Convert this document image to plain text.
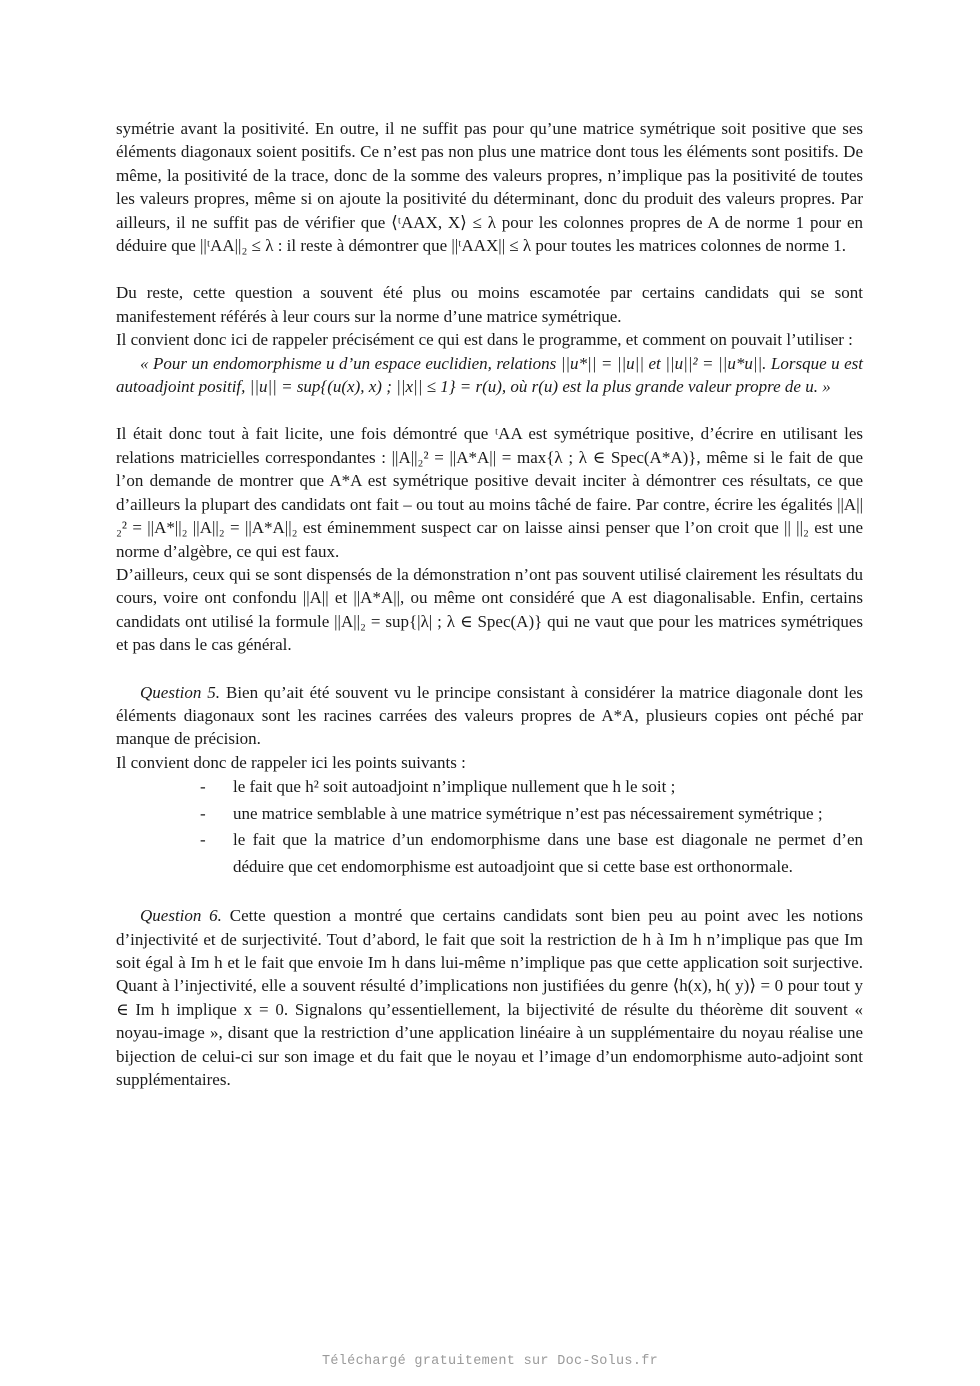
symétrie avant la positivité. En outre, il ne suffit pas pour qu’une matrice symétrique soit positive que ses éléments diagonaux soient positifs. Ce n’est pas non plus une matrice dont tous les éléments sont positifs. De même, la positivité de la trace, donc de la somme des valeurs propres, n’implique pas la positivité de toutes les valeurs propres, même si on ajoute la positivité du déterminant, donc du produit des valeurs propres. Par ailleurs, il ne suffit pas de vérifier que ⟨ᵗAAX, X⟩ ≤ λ pour les colonnes propres de A de norme 1 pour en déduire que ||ᵗAA||₂ ≤ λ : il reste à démontrer que ||ᵗAAX|| ≤ λ pour toutes les matrices colonnes de norme 1.

Du reste, cette question a souvent été plus ou moins escamotée par certains candidats qui se sont manifestement référés à leur cours sur la norme d’une matrice symétrique.

Il convient donc ici de rappeler précisément ce qui est dans le programme, et comment on pouvait l’utiliser :

« Pour un endomorphisme u d’un espace euclidien, relations ||u*|| = ||u|| et ||u||² = ||u*u||. Lorsque u est autoadjoint positif, ||u|| = sup{(u(x), x) ; ||x|| ≤ 1} = r(u), où r(u) est la plus grande valeur propre de u. »

Il était donc tout à fait licite, une fois démontré que ᵗAA est symétrique positive, d’écrire en utilisant les relations matricielles correspondantes : ||A||₂² = ||A*A|| = max{λ ; λ ∈ Spec(A*A)}, même si le fait de que l’on demande de montrer que A*A est symétrique positive devait inciter à démontrer ces résultats, ce que d’ailleurs la plupart des candidats ont fait – ou tout au moins tâché de faire. Par contre, écrire les égalités ||A||₂² = ||A*||₂ ||A||₂ = ||A*A||₂ est éminemment suspect car on laisse ainsi penser que l’on croit que || ||₂ est une norme d’algèbre, ce qui est faux.

D’ailleurs, ceux qui se sont dispensés de la démonstration n’ont pas souvent utilisé clairement les résultats du cours, voire ont confondu ||A|| et ||A*A||, ou même ont considéré que A est diagonalisable. Enfin, certains candidats ont utilisé la formule ||A||₂ = sup{|λ| ; λ ∈ Spec(A)} qui ne vaut que pour les matrices symétriques et pas dans le cas général.

Question 5. Bien qu’ait été souvent vu le principe consistant à considérer la matrice diagonale dont les éléments diagonaux sont les racines carrées des valeurs propres de A*A, plusieurs copies ont péché par manque de précision.

Il convient donc de rappeler ici les points suivants :

- le fait que h² soit autoadjoint n’implique nullement que h le soit ;
- une matrice semblable à une matrice symétrique n’est pas nécessairement symétrique ;
- le fait que la matrice d’un endomorphisme dans une base est diagonale ne permet d’en déduire que cet endomorphisme est autoadjoint que si cette base est orthonormale.

Question 6. Cette question a montré que certains candidats sont bien peu au point avec les notions d’injectivité et de surjectivité. Tout d’abord, le fait que soit la restriction de h à Im h n’implique pas que Im soit égal à Im h et le fait que envoie Im h dans lui-même n’implique pas que cette application soit surjective. Quant à l’injectivité, elle a souvent résulté d’implications non justifiées du genre ⟨h(x), h( y)⟩ = 0 pour tout y ∈ Im h implique x = 0. Signalons qu’essentiellement, la bijectivité de résulte du théorème dit souvent « noyau-image », disant que la restriction d’une application linéaire à un supplémentaire du noyau réalise une bijection de celui-ci sur son image et du fait que le noyau et l’image d’un endomorphisme auto-adjoint sont supplémentaires.

Téléchargé gratuitement sur Doc-Solus.fr
